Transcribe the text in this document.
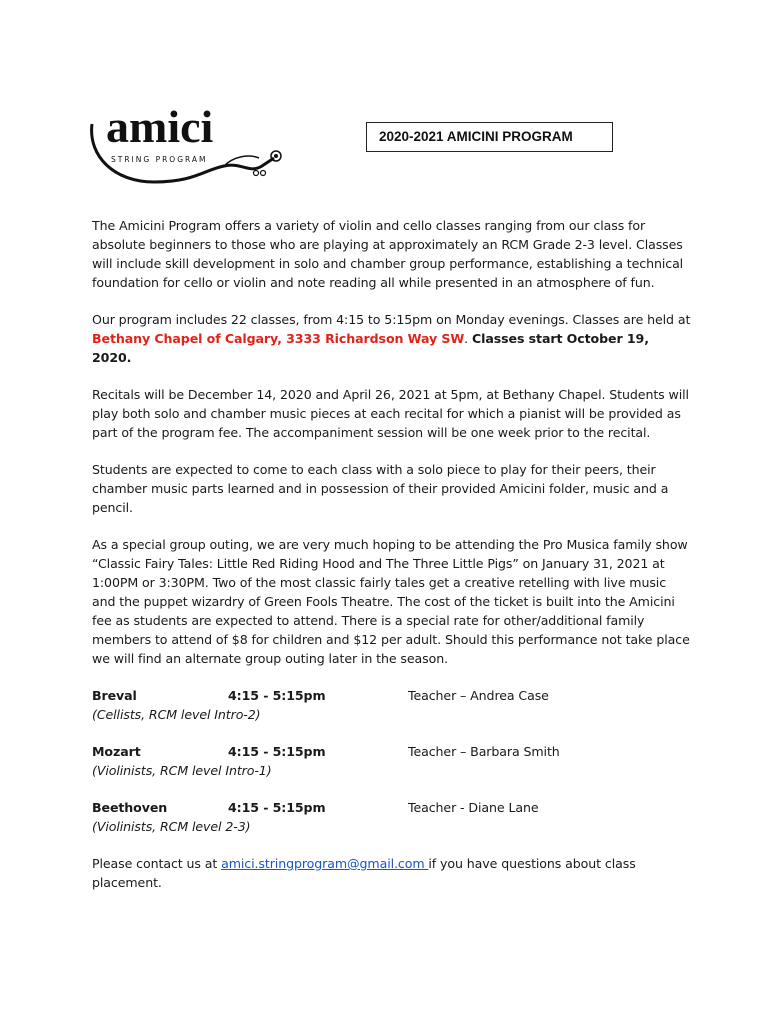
amici
STRING PROGRAM
2020-2021 AMICINI PROGRAM

The Amicini Program offers a variety of violin and cello classes ranging from our class for absolute beginners to those who are playing at approximately an RCM Grade 2-3 level. Classes will include skill development in solo and chamber group performance, establishing a technical foundation for cello or violin and note reading all while presented in an atmosphere of fun.

Our program includes 22 classes, from 4:15 to 5:15pm on Monday evenings. Classes are held at Bethany Chapel of Calgary, 3333 Richardson Way SW. Classes start October 19, 2020.

Recitals will be December 14, 2020 and April 26, 2021 at 5pm, at Bethany Chapel. Students will play both solo and chamber music pieces at each recital for which a pianist will be provided as part of the program fee. The accompaniment session will be one week prior to the recital.

Students are expected to come to each class with a solo piece to play for their peers, their chamber music parts learned and in possession of their provided Amicini folder, music and a pencil.

As a special group outing, we are very much hoping to be attending the Pro Musica family show “Classic Fairy Tales: Little Red Riding Hood and The Three Little Pigs” on January 31, 2021 at 1:00PM or 3:30PM. Two of the most classic fairly tales get a creative retelling with live music and the puppet wizardry of Green Fools Theatre. The cost of the ticket is built into the Amicini fee as students are expected to attend. There is a special rate for other/additional family members to attend of $8 for children and $12 per adult. Should this performance not take place we will find an alternate group outing later in the season.

Breval	4:15 - 5:15pm	Teacher – Andrea Case
(Cellists, RCM level Intro-2)
Mozart	4:15 - 5:15pm	Teacher – Barbara Smith
(Violinists, RCM level Intro-1)
Beethoven	4:15 - 5:15pm	Teacher - Diane Lane
(Violinists, RCM level 2-3)

Please contact us at amici.stringprogram@gmail.com if you have questions about class placement.
